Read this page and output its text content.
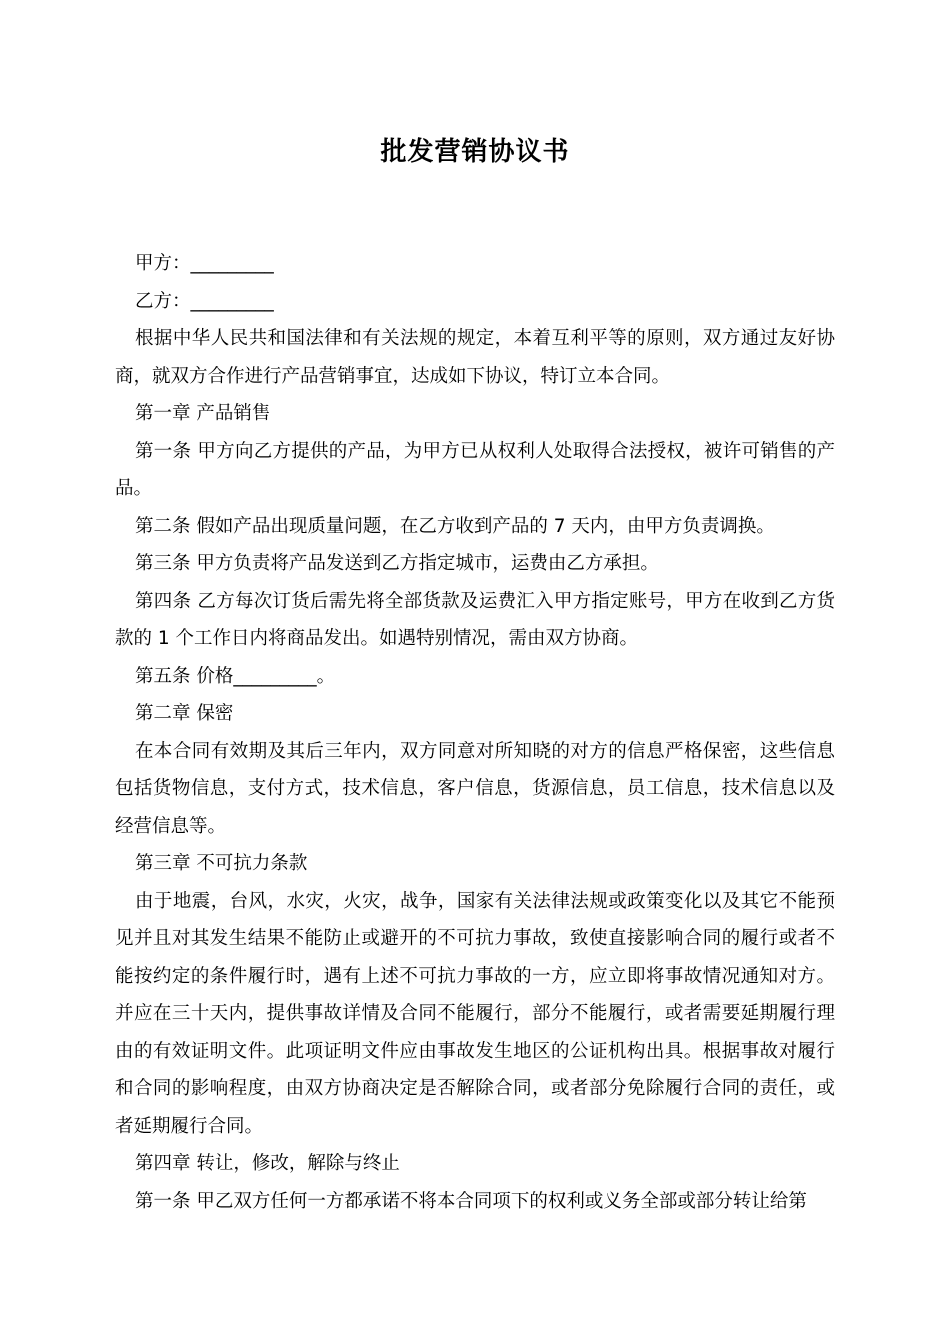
批发营销协议书

甲方：_________

乙方：_________

根据中华人民共和国法律和有关法规的规定，本着互利平等的原则，双方通过友好协商，就双方合作进行产品营销事宜，达成如下协议，特订立本合同。

第一章 产品销售

第一条 甲方向乙方提供的产品，为甲方已从权利人处取得合法授权，被许可销售的产品。

第二条 假如产品出现质量问题，在乙方收到产品的 7 天内，由甲方负责调换。

第三条 甲方负责将产品发送到乙方指定城市，运费由乙方承担。

第四条 乙方每次订货后需先将全部货款及运费汇入甲方指定账号，甲方在收到乙方货款的 1 个工作日内将商品发出。如遇特别情况，需由双方协商。

第五条 价格_________。

第二章 保密

在本合同有效期及其后三年内，双方同意对所知晓的对方的信息严格保密，这些信息包括货物信息，支付方式，技术信息，客户信息，货源信息，员工信息，技术信息以及经营信息等。

第三章 不可抗力条款

由于地震，台风，水灾，火灾，战争，国家有关法律法规或政策变化以及其它不能预见并且对其发生结果不能防止或避开的不可抗力事故，致使直接影响合同的履行或者不能按约定的条件履行时，遇有上述不可抗力事故的一方，应立即将事故情况通知对方。并应在三十天内，提供事故详情及合同不能履行，部分不能履行，或者需要延期履行理由的有效证明文件。此项证明文件应由事故发生地区的公证机构出具。根据事故对履行和合同的影响程度，由双方协商决定是否解除合同，或者部分免除履行合同的责任，或者延期履行合同。

第四章 转让，修改，解除与终止

第一条 甲乙双方任何一方都承诺不将本合同项下的权利或义务全部或部分转让给第
